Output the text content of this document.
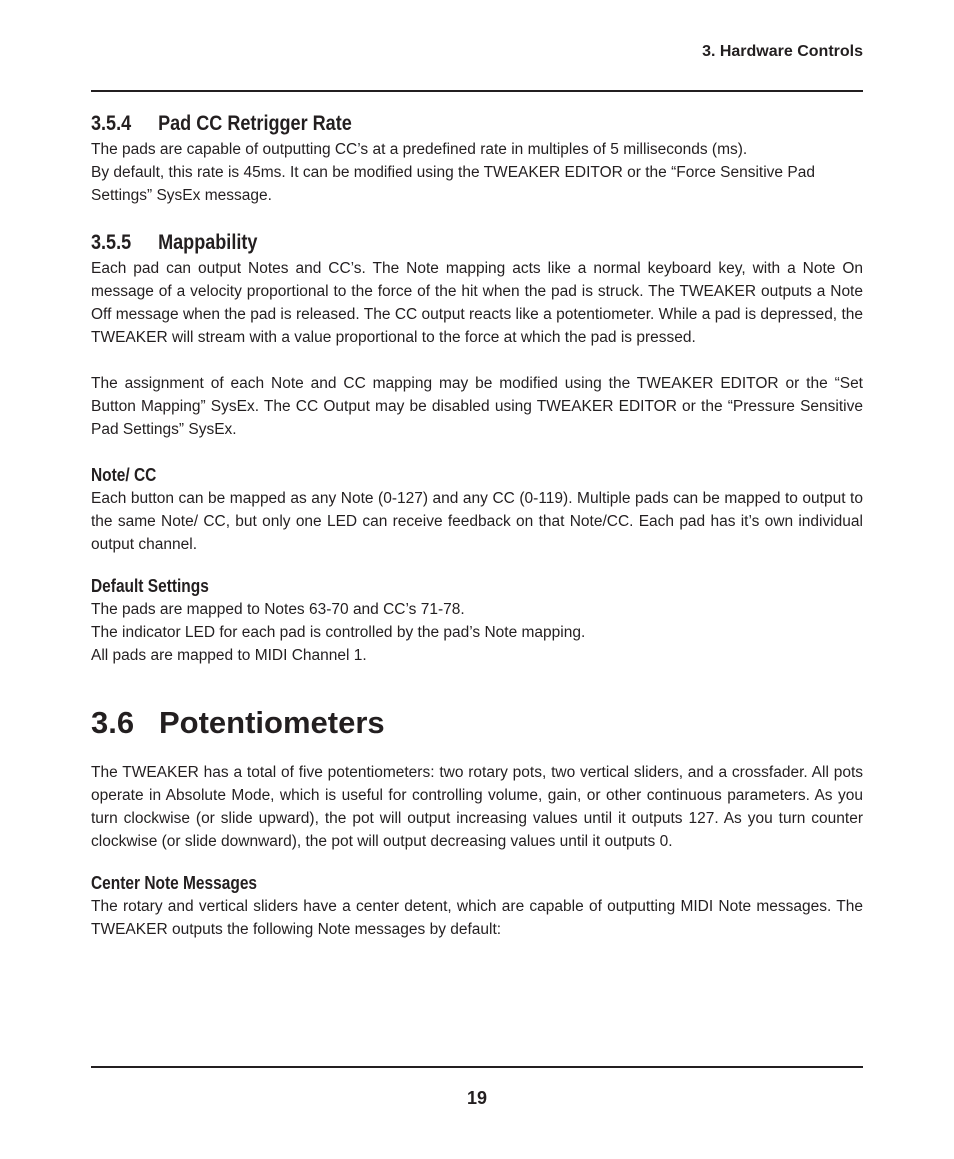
3. Hardware Controls
3.5.4 Pad CC Retrigger Rate

The pads are capable of outputting CC’s at a predefined rate in multiples of 5 milliseconds (ms).

By default, this rate is 45ms. It can be modified using the TWEAKER EDITOR or the “Force Sensitive Pad Settings” SysEx message.

3.5.5 Mappability

Each pad can output Notes and CC’s. The Note mapping acts like a normal keyboard key, with a Note On message of a velocity proportional to the force of the hit when the pad is struck. The TWEAKER outputs a Note Off message when the pad is released. The CC output reacts like a potentiometer. While a pad is depressed, the TWEAKER will stream with a value proportional to the force at which the pad is pressed.

The assignment of each Note and CC mapping may be modified using the TWEAKER EDITOR or the “Set Button Mapping” SysEx. The CC Output may be disabled using TWEAKER EDITOR or the “Pressure Sensitive Pad Settings” SysEx.

Note/ CC

Each button can be mapped as any Note (0-127) and any CC (0-119). Multiple pads can be mapped to output to the same Note/ CC, but only one LED can receive feedback on that Note/CC. Each pad has it’s own individual output channel.

Default Settings

The pads are mapped to Notes 63-70 and CC’s 71-78.

The indicator LED for each pad is controlled by the pad’s Note mapping.

All pads are mapped to MIDI Channel 1.

3.6 Potentiometers

The TWEAKER has a total of five potentiometers: two rotary pots, two vertical sliders, and a crossfader. All pots operate in Absolute Mode, which is useful for controlling volume, gain, or other continuous parameters. As you turn clockwise (or slide upward), the pot will output increasing values until it outputs 127. As you turn counter clockwise (or slide downward), the pot will output decreasing values until it outputs 0.

Center Note Messages

The rotary and vertical sliders have a center detent, which are capable of outputting MIDI Note messages. The TWEAKER outputs the following Note messages by default:

19
